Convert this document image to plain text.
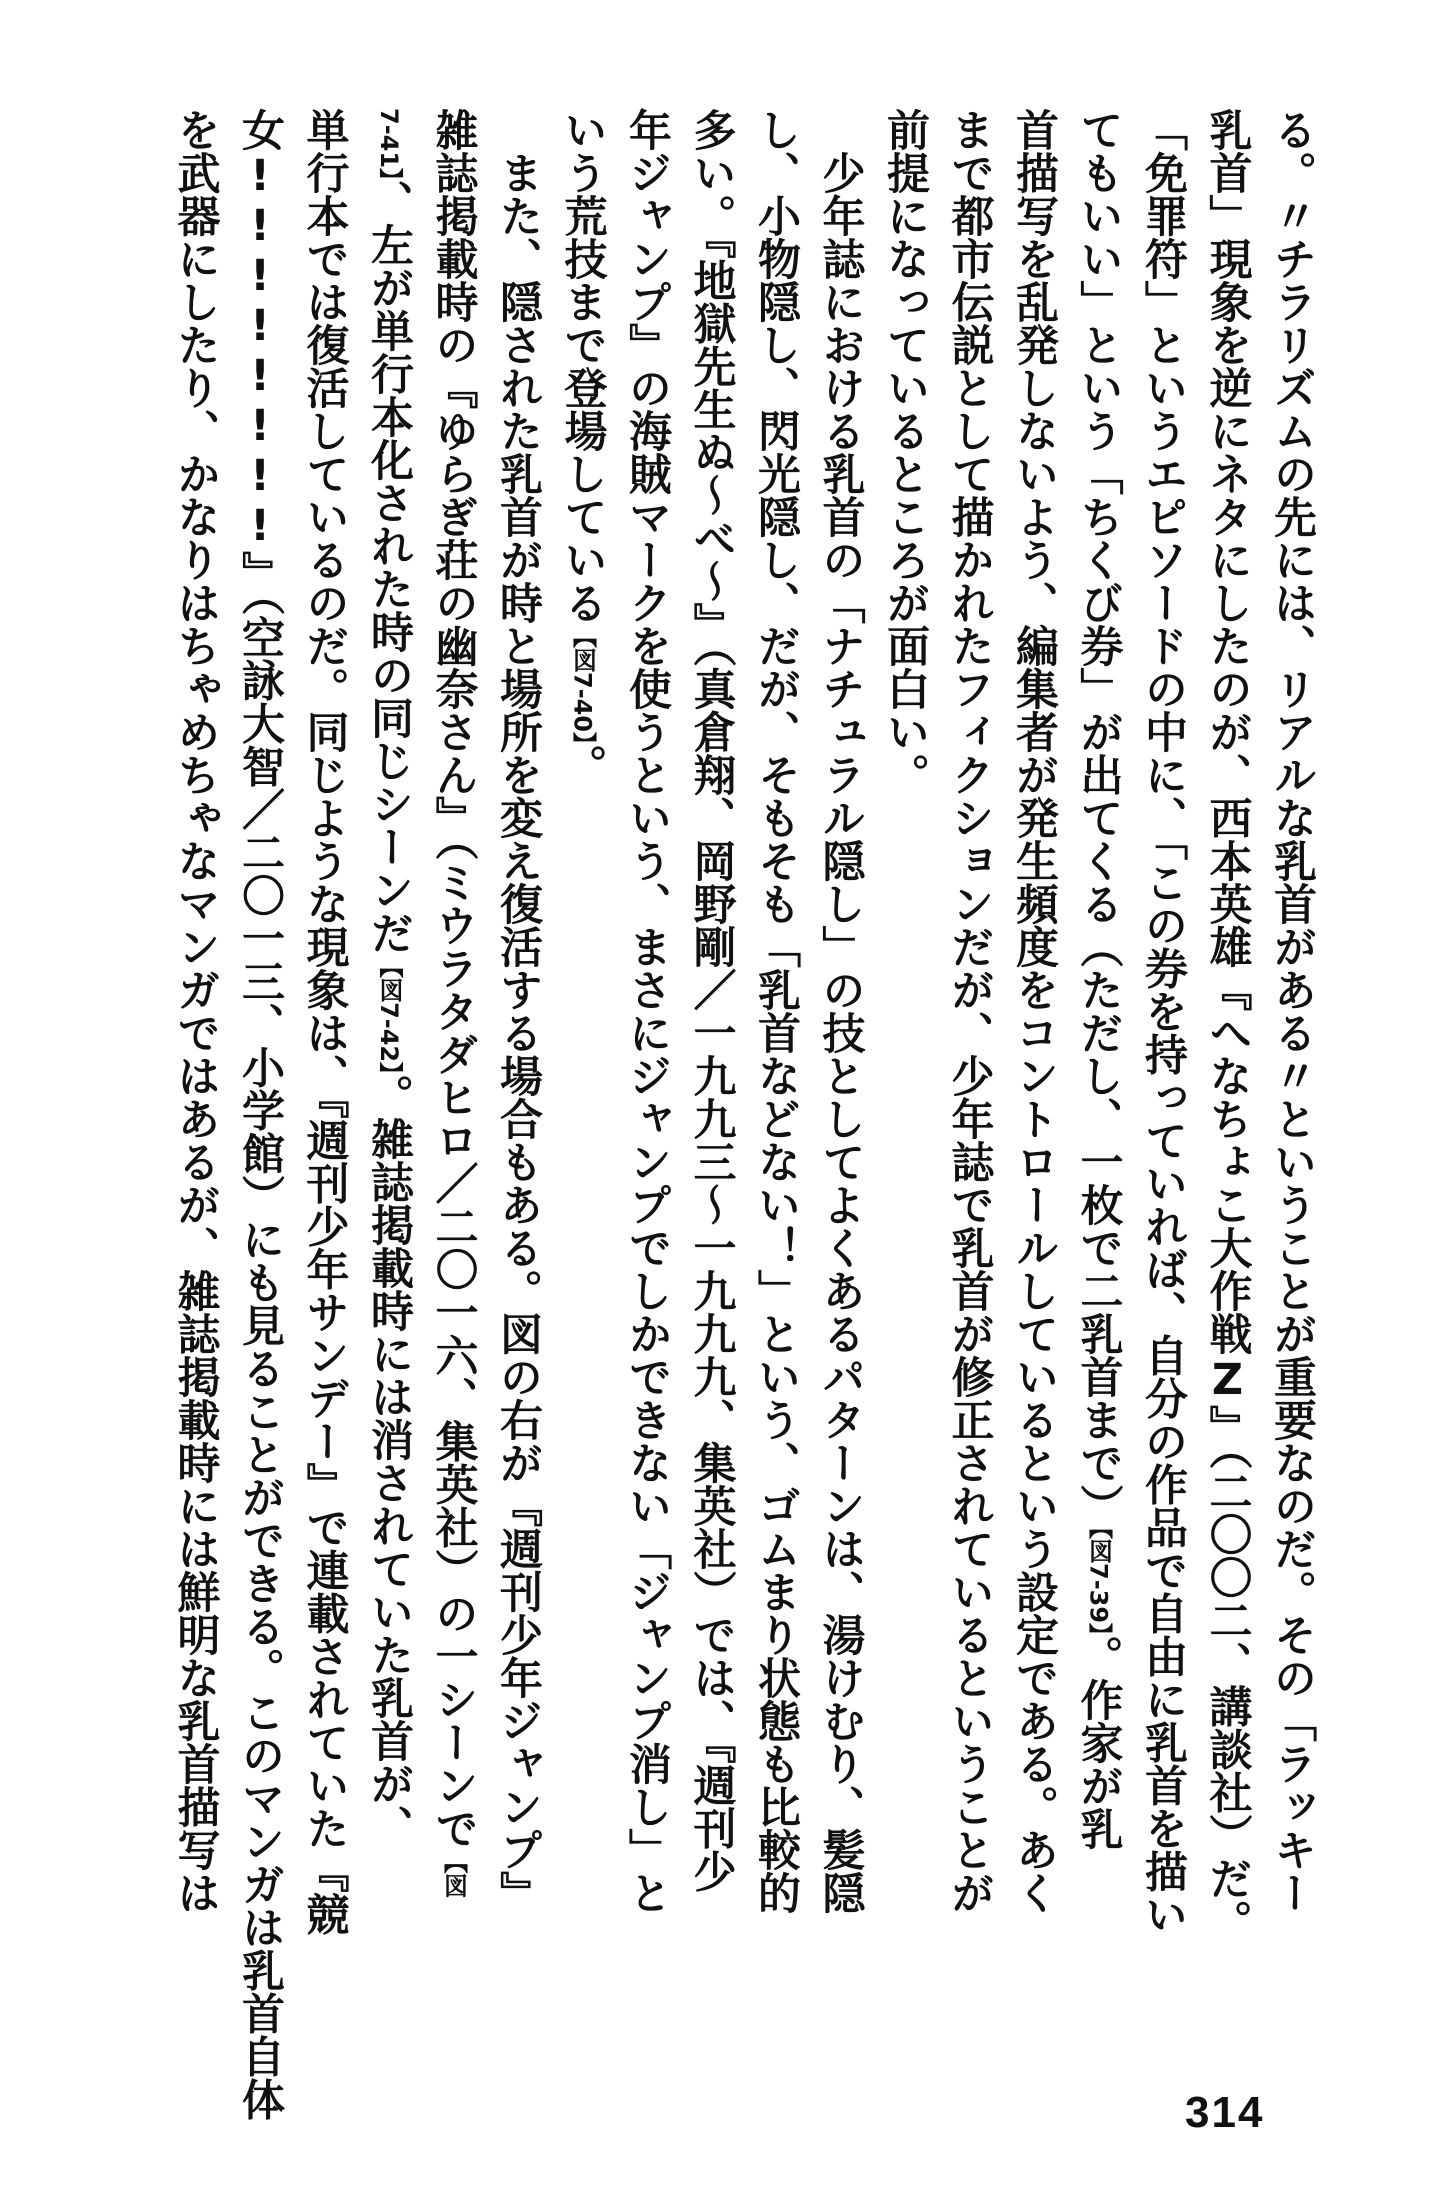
る。〃チラリズムの先には、リアルな乳首がある〃ということが重要なのだ。その「ラッキー
乳首」現象を逆にネタにしたのが、西本英雄『へなちょこ大作戦Z』（二〇〇二、講談社）だ。
「免罪符」というエピソードの中に、「この券を持っていれば、自分の作品で自由に乳首を描い
てもいい」という「ちくび券」が出てくる（ただし、一枚で二乳首まで）【図7-39】。作家が乳
首描写を乱発しないよう、編集者が発生頻度をコントロールしているという設定である。あく
まで都市伝説として描かれたフィクションだが、少年誌で乳首が修正されているということが
前提になっているところが面白い。
　少年誌における乳首の「ナチュラル隠し」の技としてよくあるパターンは、湯けむり、髪隠
し、小物隠し、閃光隠し、だが、そもそも「乳首などない！」という、ゴムまり状態も比較的
多い。『地獄先生ぬ～べ～』（真倉翔、岡野剛／一九九三～一九九九、集英社）では、『週刊少
年ジャンプ』の海賊マークを使うという、まさにジャンプでしかできない「ジャンプ消し」と
いう荒技まで登場している【図7-40】。
　また、隠された乳首が時と場所を変え復活する場合もある。図の右が『週刊少年ジャンプ』
雑誌掲載時の『ゆらぎ荘の幽奈さん』（ミウラタダヒロ／二〇一六、集英社）の一シーンで【図
7-41】、左が単行本化された時の同じシーンだ【図7-42】。雑誌掲載時には消されていた乳首が、
単行本では復活しているのだ。同じような現象は、『週刊少年サンデー』で連載されていた『競
女!!!!!!!!』（空詠大智／二〇一三、小学館）にも見ることができる。このマンガは乳首自体
を武器にしたり、かなりはちゃめちゃなマンガではあるが、雑誌掲載時には鮮明な乳首描写は
314
